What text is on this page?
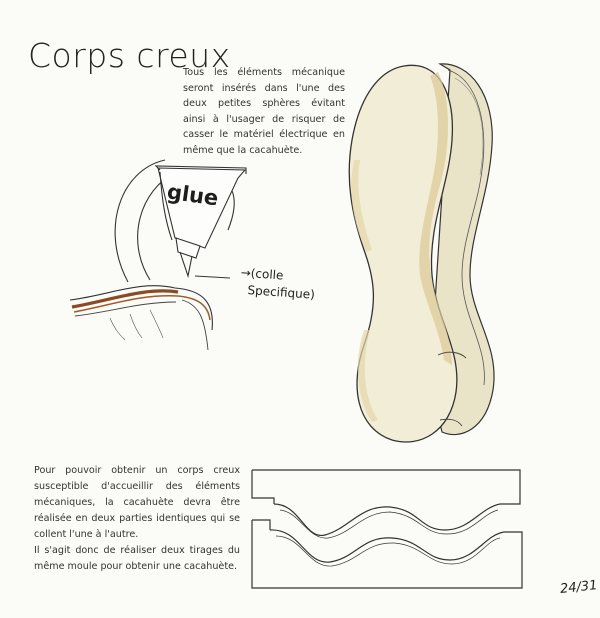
Corps creux
Tous les éléments mécanique seront insérés dans l'une des deux petites sphères évitant ainsi à l'usager de risquer de casser le matériel électrique en même que la cacahuète.
glue
→(colle
Specifique)

Pour pouvoir obtenir un corps creux susceptible d'accueillir des éléments mécaniques, la cacahuète devra être réalisée en deux parties identiques qui se collent l'une à l'autre.

Il s'agit donc de réaliser deux tirages du même moule pour obtenir une cacahuète.

24/31
